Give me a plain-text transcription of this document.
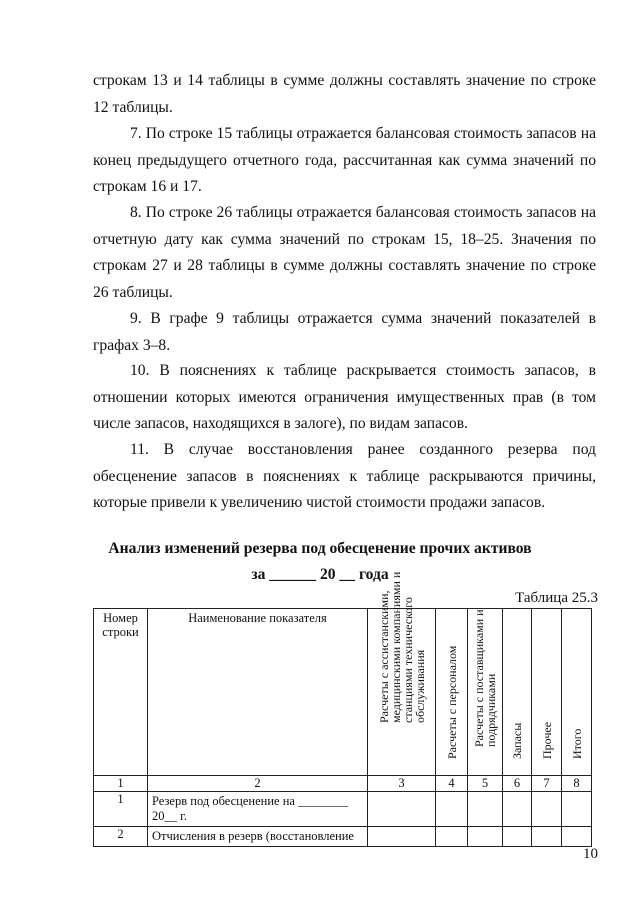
строкам 13 и 14 таблицы в сумме должны составлять значение по строке 12 таблицы.

7. По строке 15 таблицы отражается балансовая стоимость запасов на конец предыдущего отчетного года, рассчитанная как сумма значений по строкам 16 и 17.

8. По строке 26 таблицы отражается балансовая стоимость запасов на отчетную дату как сумма значений по строкам 15, 18–25. Значения по строкам 27 и 28 таблицы в сумме должны составлять значение по строке 26 таблицы.

9. В графе 9 таблицы отражается сумма значений показателей в графах 3–8.

10. В пояснениях к таблице раскрывается стоимость запасов, в отношении которых имеются ограничения имущественных прав (в том числе запасов, находящихся в залоге), по видам запасов.

11. В случае восстановления ранее созданного резерва под обесценение запасов в пояснениях к таблице раскрываются причины, которые привели к увеличению чистой стоимости продажи запасов.

Анализ изменений резерва под обесценение прочих активов
за ______ 20 __ года
Таблица 25.3
Номер строки	Наименование показателя	Расчеты с ассистанскими, медицинскими компаниями и станциями технического обслуживания	Расчеты с персоналом	Расчеты с поставщиками и подрядчиками	Запасы	Прочее	Итого

1	2	3	4	5	6	7	8
1	Резерв под обесценение на ________ 20__ г.						
2	Отчисления в резерв (восстановление						
10
